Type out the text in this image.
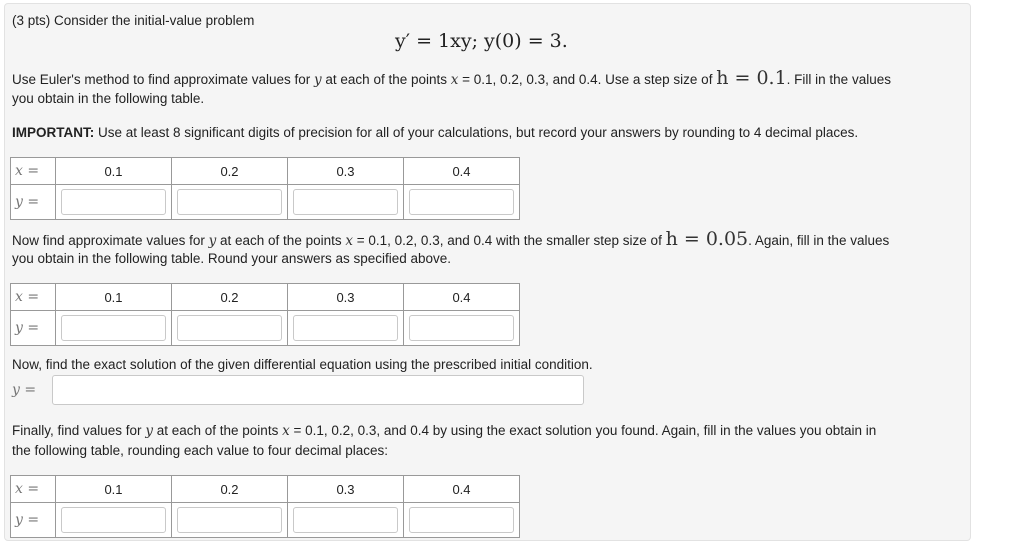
(3 pts) Consider the initial-value problem
y′ = 1xy; y(0) = 3.
Use Euler's method to find approximate values for y at each of the points x = 0.1, 0.2, 0.3, and 0.4. Use a step size of h = 0.1. Fill in the values
you obtain in the following table.
IMPORTANT: Use at least 8 significant digits of precision for all of your calculations, but record your answers by rounding to 4 decimal places.
x =	0.1	0.2	0.3	0.4
y =	

Now find approximate values for y at each of the points x = 0.1, 0.2, 0.3, and 0.4 with the smaller step size of h = 0.05. Again, fill in the values
you obtain in the following table. Round your answers as specified above.
x =	0.1	0.2	0.3	0.4
y =	

Now, find the exact solution of the given differential equation using the prescribed initial condition.
y =
Finally, find values for y at each of the points x = 0.1, 0.2, 0.3, and 0.4 by using the exact solution you found. Again, fill in the values you obtain in
the following table, rounding each value to four decimal places:
x =	0.1	0.2	0.3	0.4
y =	
